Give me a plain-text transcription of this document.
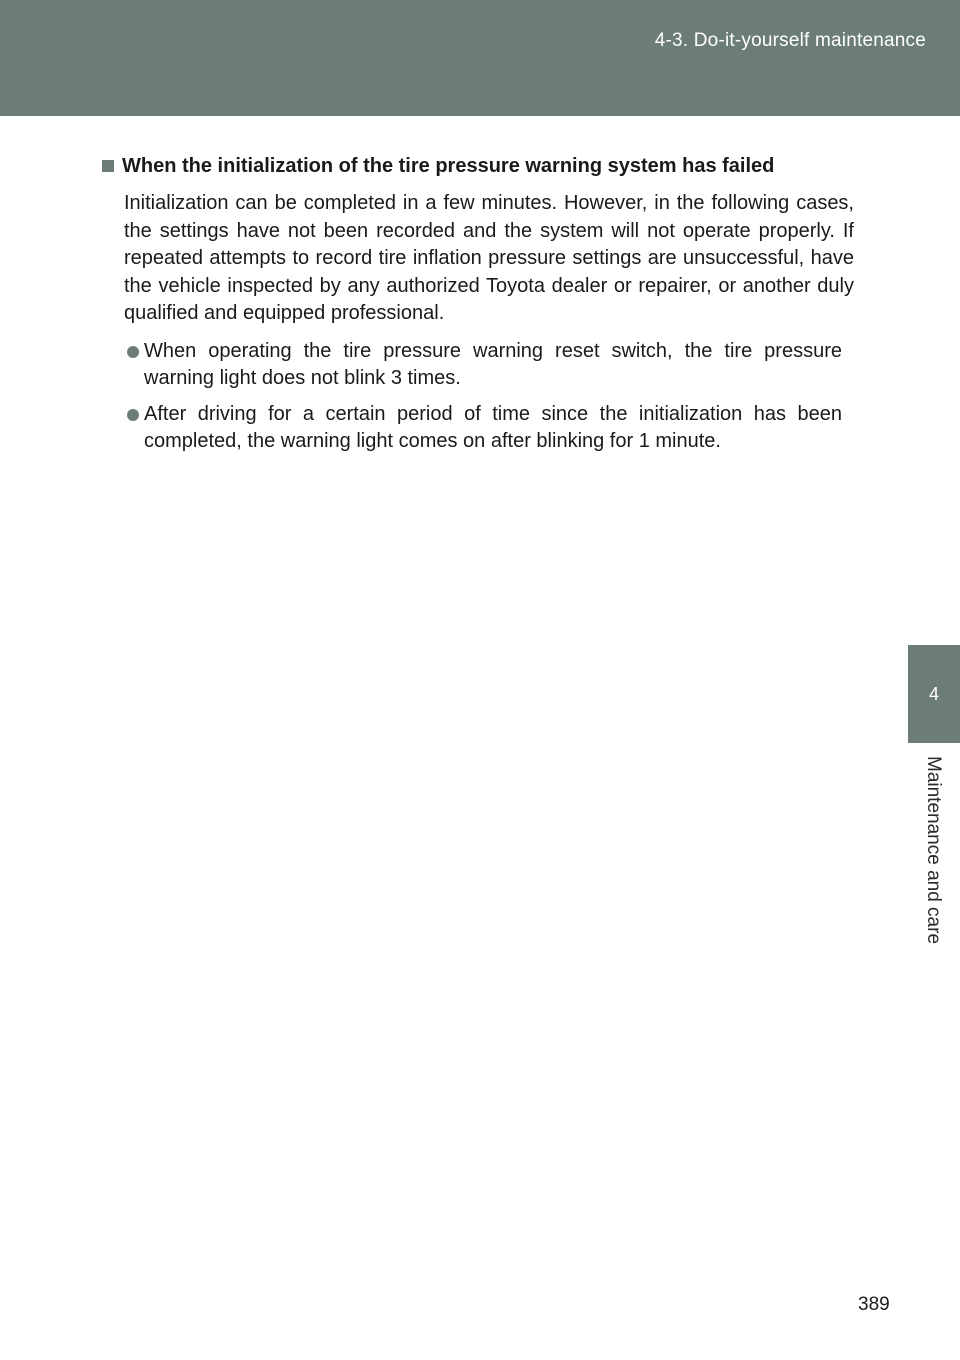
4-3. Do-it-yourself maintenance
4
Maintenance and care
When the initialization of the tire pressure warning system has failed

Initialization can be completed in a few minutes. However, in the following cases, the settings have not been recorded and the system will not operate properly. If repeated attempts to record tire inflation pressure settings are unsuccessful, have the vehicle inspected by any authorized Toyota dealer or repairer, or another duly qualified and equipped professional.

When operating the tire pressure warning reset switch, the tire pressure warning light does not blink 3 times.
After driving for a certain period of time since the initialization has been completed, the warning light comes on after blinking for 1 minute.
389
